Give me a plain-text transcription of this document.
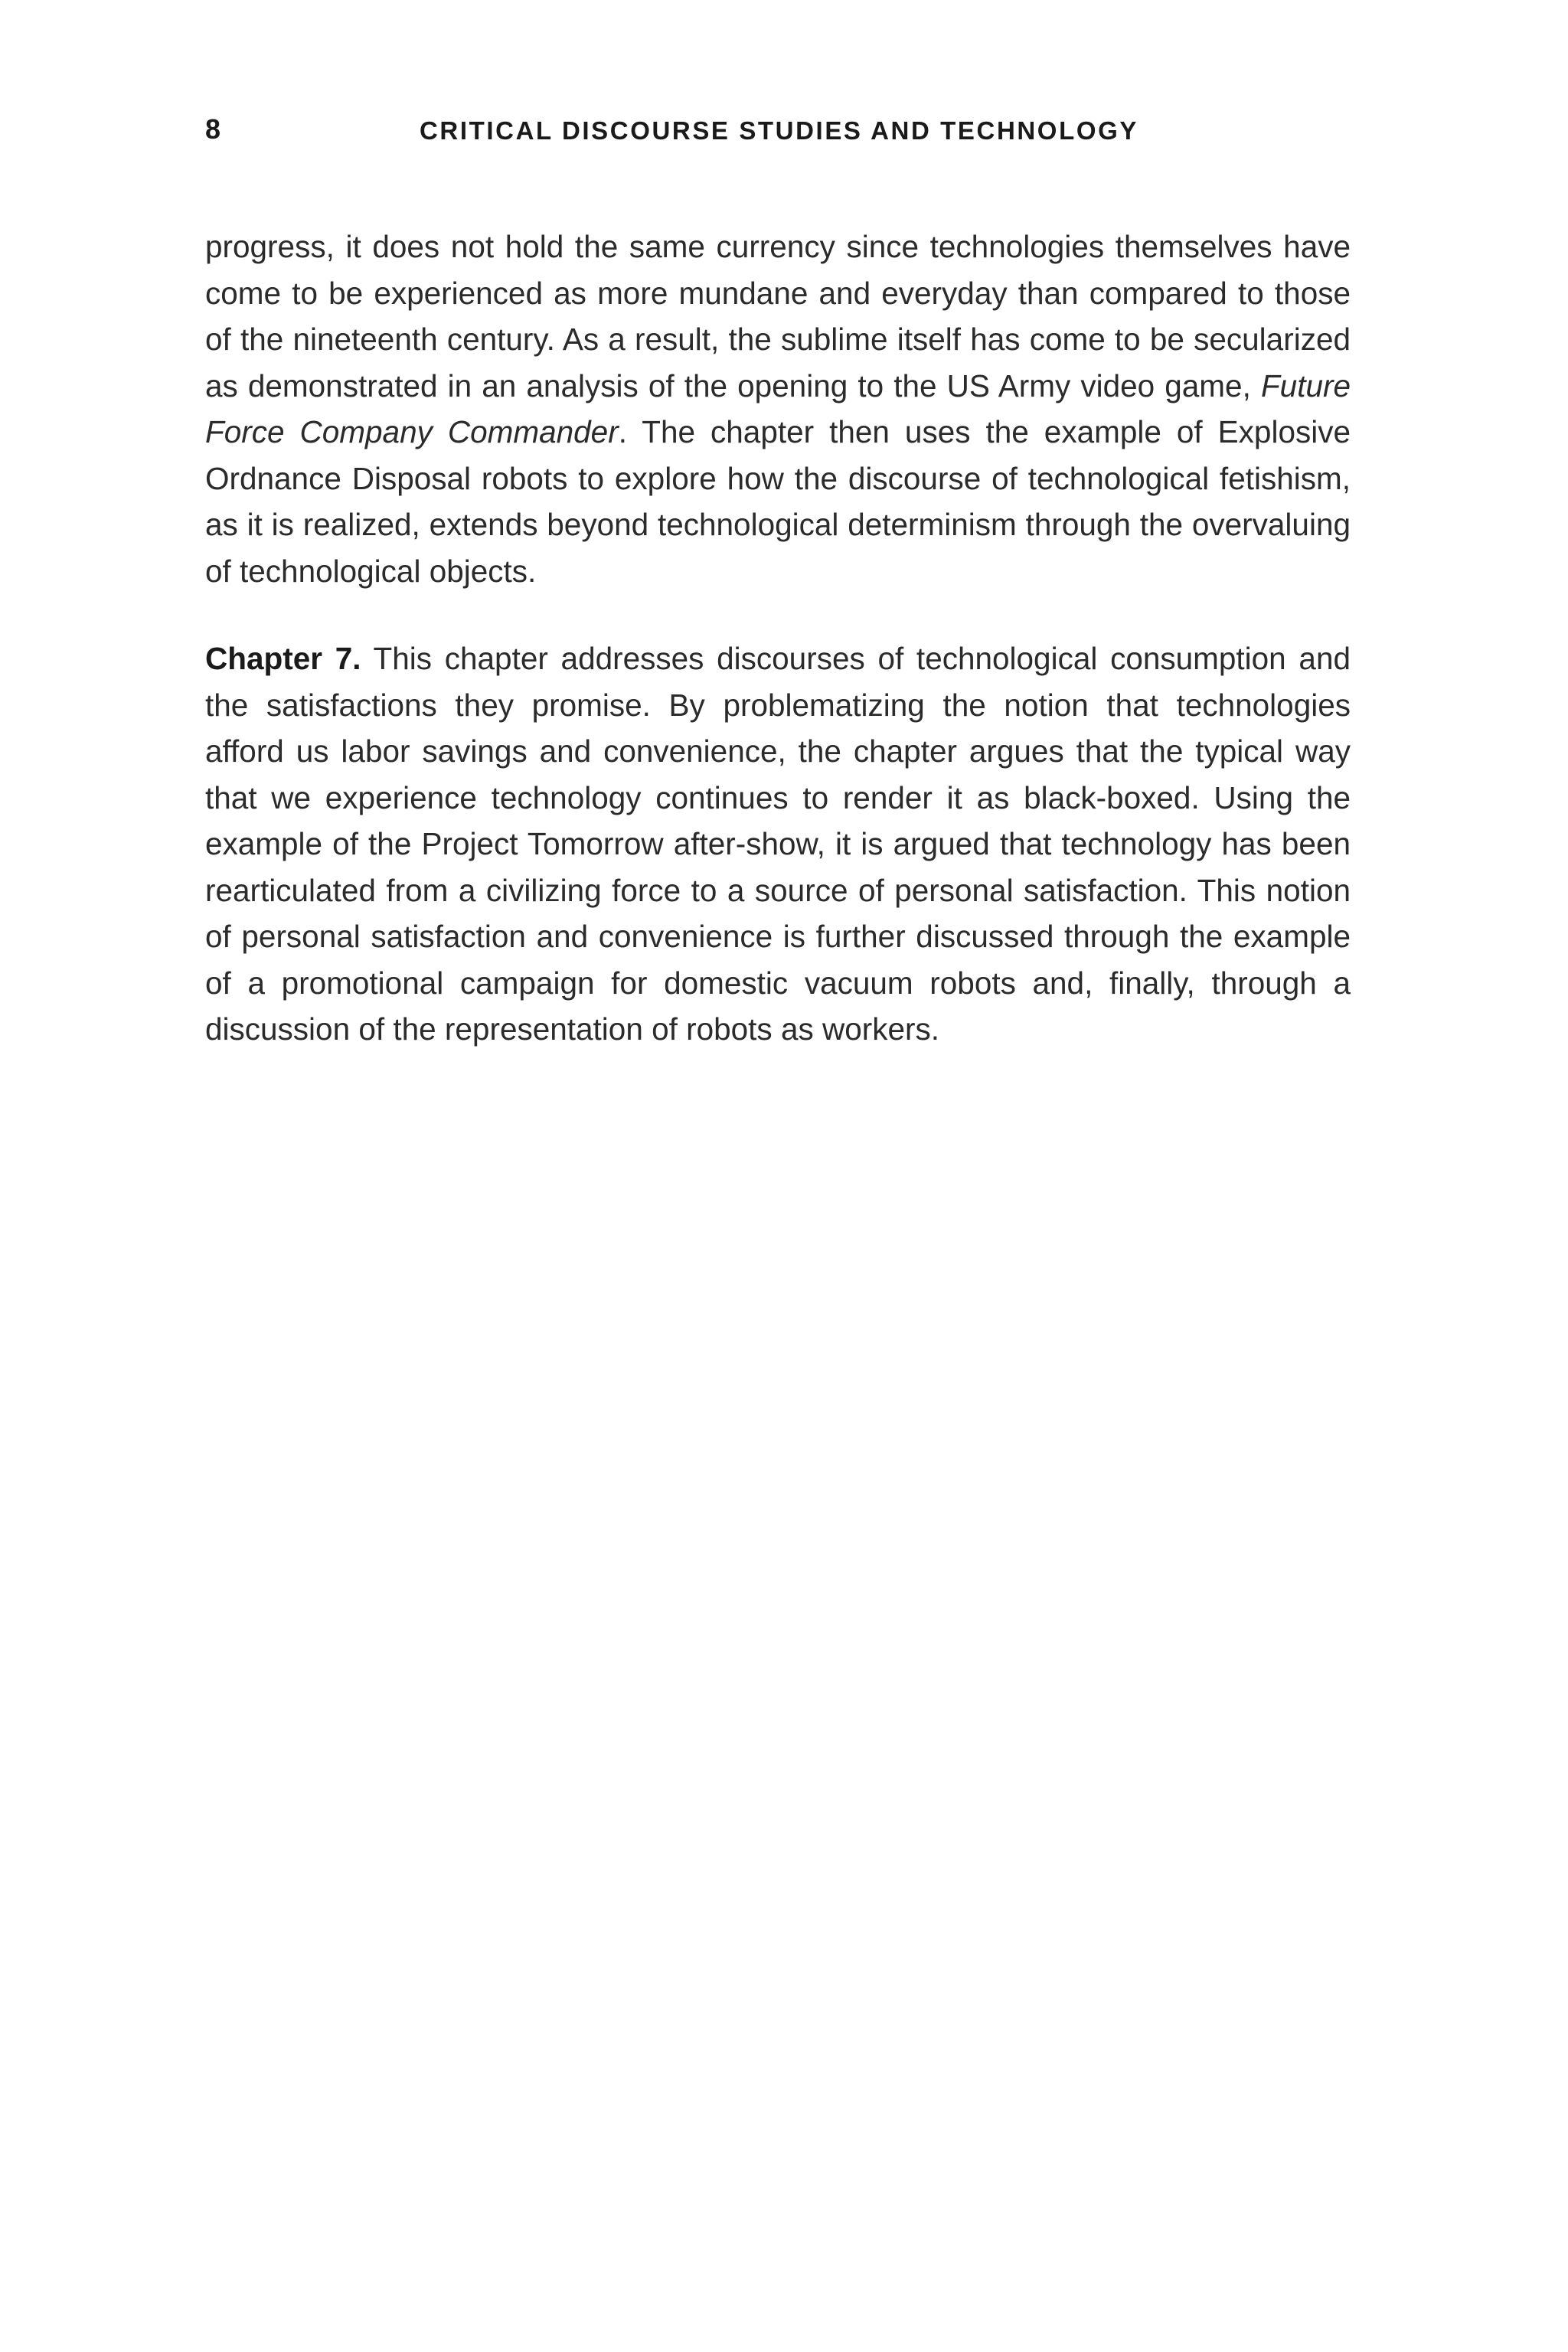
8	CRITICAL DISCOURSE STUDIES AND TECHNOLOGY

progress, it does not hold the same currency since technologies themselves have come to be experienced as more mundane and everyday than compared to those of the nineteenth century. As a result, the sublime itself has come to be secularized as demonstrated in an analysis of the opening to the US Army video game, Future Force Company Commander. The chapter then uses the example of Explosive Ordnance Disposal robots to explore how the discourse of technological fetishism, as it is realized, extends beyond technological determinism through the overvaluing of technological objects.

Chapter 7. This chapter addresses discourses of technological consumption and the satisfactions they promise. By problematizing the notion that technologies afford us labor savings and convenience, the chapter argues that the typical way that we experience technology continues to render it as black-boxed. Using the example of the Project Tomorrow after-show, it is argued that technology has been rearticulated from a civilizing force to a source of personal satisfaction. This notion of personal satisfaction and convenience is further discussed through the example of a promotional campaign for domestic vacuum robots and, finally, through a discussion of the representation of robots as workers.
